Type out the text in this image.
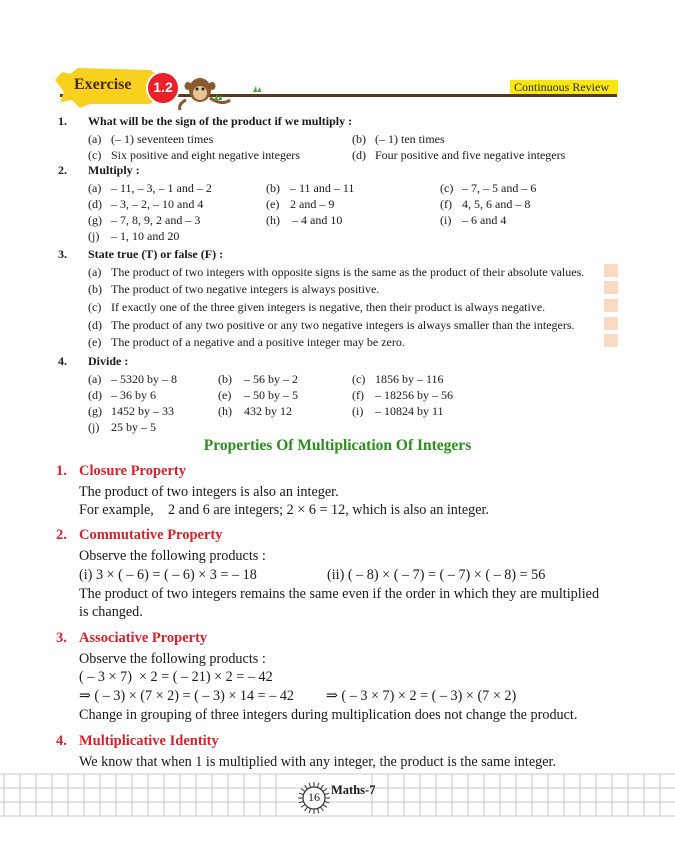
Exercise	1.2	Continuous Review
1. What will be the sign of the product if we multiply :
(a) (– 1) seventeen times	(b) (– 1) ten times
(c) Six positive and eight negative integers	(d) Four positive and five negative integers
2. Multiply :
(a) – 11, – 3, – 1 and – 2	(b) – 11 and – 11	(c) – 7, – 5 and – 6
(d) – 3, – 2, – 10 and 4	(e) 2 and – 9	(f) 4, 5, 6 and – 8
(g) – 7, 8, 9, 2 and – 3	(h) – 4 and 10	(i) – 6 and 4
(j) – 1, 10 and 20
3. State true (T) or false (F) :
(a) The product of two integers with opposite signs is the same as the product of their absolute values.
(b) The product of two negative integers is always positive.
(c) If exactly one of the three given integers is negative, then their product is always negative.
(d) The product of any two positive or any two negative integers is always smaller than the integers.
(e) The product of a negative and a positive integer may be zero.
4. Divide :
(a) – 5320 by – 8	(b) – 56 by – 2	(c) 1856 by – 116
(d) – 36 by 6	(e) – 50 by – 5	(f) – 18256 by – 56
(g) 1452 by – 33	(h) 432 by 12	(i) – 10824 by 11
(j) 25 by – 5
Properties Of Multiplication Of Integers
1. Closure Property
The product of two integers is also an integer.
For example,    2 and 6 are integers; 2 × 6 = 12, which is also an integer.
2. Commutative Property
Observe the following products :
(i) 3 × ( – 6) = ( – 6) × 3 = – 18	(ii) ( – 8) × ( – 7) = ( – 7) × ( – 8) = 56
The product of two integers remains the same even if the order in which they are multiplied
is changed.
3. Associative Property
Observe the following products :
( – 3 × 7)  × 2 = ( – 21) × 2 = – 42
⇒ ( – 3) × (7 × 2) = ( – 3) × 14 = – 42 ⇒ ( – 3 × 7) × 2 = ( – 3) × (7 × 2)
Change in grouping of three integers during multiplication does not change the product.
4. Multiplicative Identity
We know that when 1 is multiplied with any integer, the product is the same integer.
16 Maths-7
